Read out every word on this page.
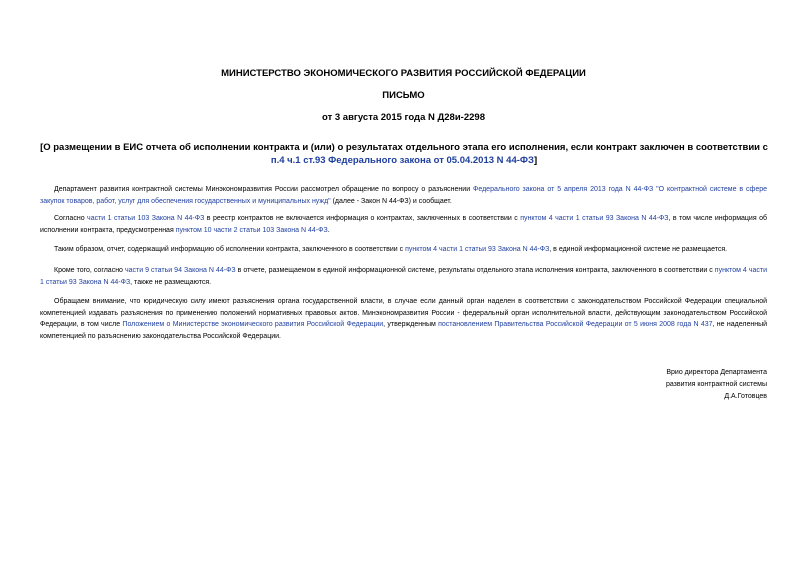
МИНИСТЕРСТВО ЭКОНОМИЧЕСКОГО РАЗВИТИЯ РОССИЙСКОЙ ФЕДЕРАЦИИ
ПИСЬМО
от 3 августа 2015 года N Д28и-2298
[О размещении в ЕИС отчета об исполнении контракта и (или) о результатах отдельного этапа его исполнения, если контракт заключен в соответствии с п.4 ч.1 ст.93 Федерального закона от 05.04.2013 N 44-ФЗ]
Департамент развития контрактной системы Минэкономразвития России рассмотрел обращение по вопросу о разъяснении Федерального закона от 5 апреля 2013 года N 44-ФЗ "О контрактной системе в сфере закупок товаров, работ, услуг для обеспечения государственных и муниципальных нужд" (далее - Закон N 44-ФЗ) и сообщает.
Согласно части 1 статьи 103 Закона N 44-ФЗ в реестр контрактов не включается информация о контрактах, заключенных в соответствии с пунктом 4 части 1 статьи 93 Закона N 44-ФЗ, в том числе информация об исполнении контракта, предусмотренная пунктом 10 части 2 статьи 103 Закона N 44-ФЗ.
Таким образом, отчет, содержащий информацию об исполнении контракта, заключенного в соответствии с пунктом 4 части 1 статьи 93 Закона N 44-ФЗ, в единой информационной системе не размещается.
Кроме того, согласно части 9 статьи 94 Закона N 44-ФЗ в отчете, размещаемом в единой информационной системе, результаты отдельного этапа исполнения контракта, заключенного в соответствии с пунктом 4 части 1 статьи 93 Закона N 44-ФЗ, также не размещаются.
Обращаем внимание, что юридическую силу имеют разъяснения органа государственной власти, в случае если данный орган наделен в соответствии с законодательством Российской Федерации специальной компетенцией издавать разъяснения по применению положений нормативных правовых актов. Минэкономразвития России - федеральный орган исполнительной власти, действующим законодательством Российской Федерации, в том числе Положением о Министерстве экономического развития Российской Федерации, утвержденным постановлением Правительства Российской Федерации от 5 июня 2008 года N 437, не наделенный компетенцией по разъяснению законодательства Российской Федерации.
Врио директора Департамента
развития контрактной системы
Д.А.Готовцев
